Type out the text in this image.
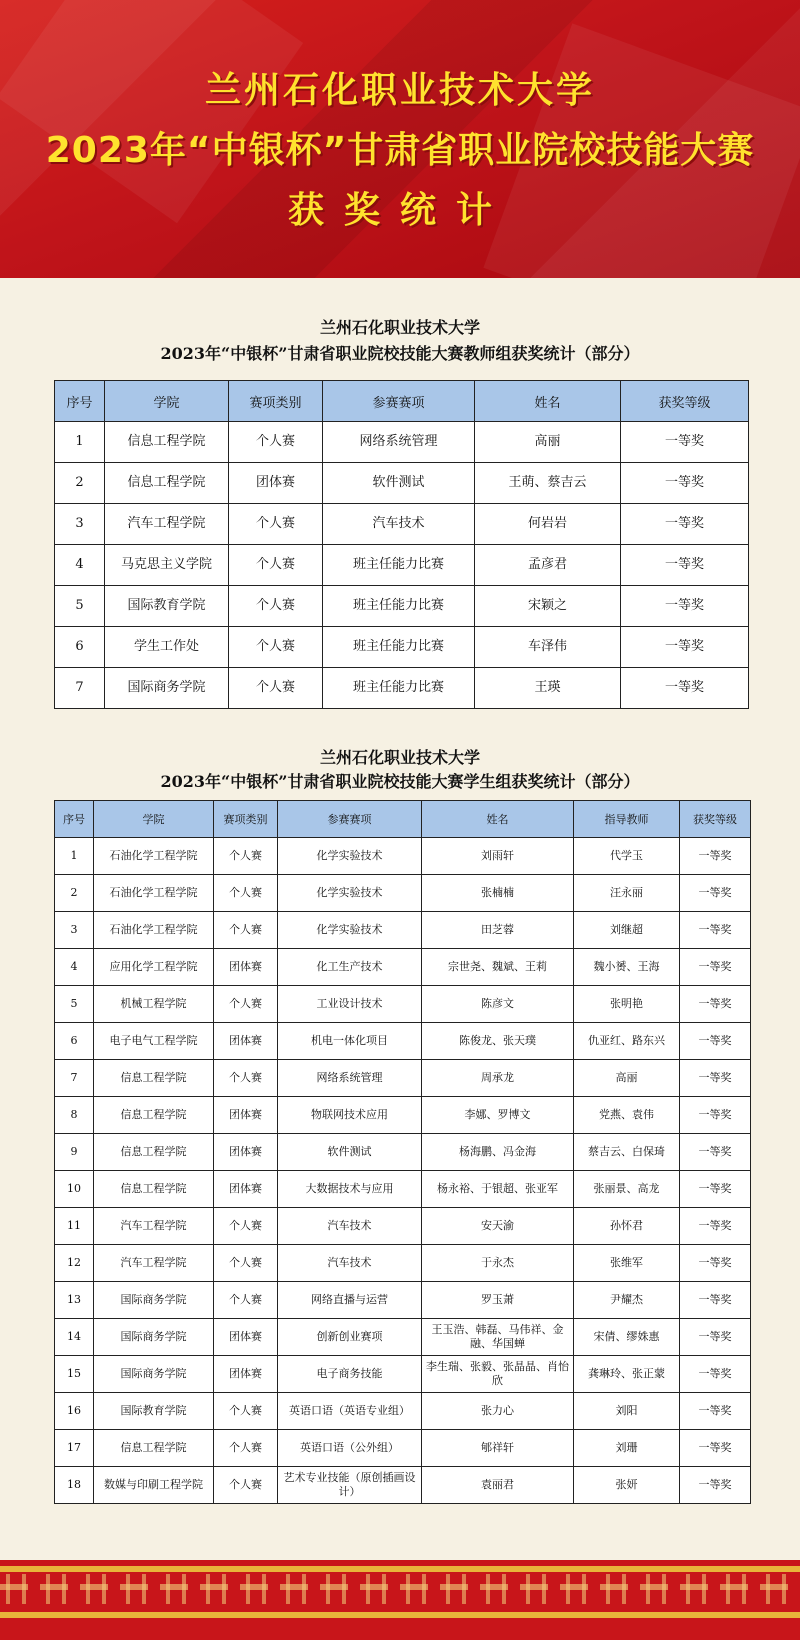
兰州石化职业技术大学
2023年“中银杯”甘肃省职业院校技能大赛
获奖统计
兰州石化职业技术大学
2023年“中银杯”甘肃省职业院校技能大赛教师组获奖统计（部分）
序号	学院	赛项类别	参赛赛项	姓名	获奖等级
1	信息工程学院	个人赛	网络系统管理	高丽	一等奖
2	信息工程学院	团体赛	软件测试	王萌、蔡吉云	一等奖
3	汽车工程学院	个人赛	汽车技术	何岩岩	一等奖
4	马克思主义学院	个人赛	班主任能力比赛	孟彦君	一等奖
5	国际教育学院	个人赛	班主任能力比赛	宋颖之	一等奖
6	学生工作处	个人赛	班主任能力比赛	车泽伟	一等奖
7	国际商务学院	个人赛	班主任能力比赛	王瑛	一等奖
兰州石化职业技术大学
2023年“中银杯”甘肃省职业院校技能大赛学生组获奖统计（部分）
序号	学院	赛项类别	参赛赛项	姓名	指导教师	获奖等级
1	石油化学工程学院	个人赛	化学实验技术	刘雨轩	代学玉	一等奖
2	石油化学工程学院	个人赛	化学实验技术	张楠楠	汪永丽	一等奖
3	石油化学工程学院	个人赛	化学实验技术	田芝蓉	刘继超	一等奖
4	应用化学工程学院	团体赛	化工生产技术	宗世尧、魏斌、王莉	魏小赟、王海	一等奖
5	机械工程学院	个人赛	工业设计技术	陈彦文	张明艳	一等奖
6	电子电气工程学院	团体赛	机电一体化项目	陈俊龙、张天璞	仇亚红、路东兴	一等奖
7	信息工程学院	个人赛	网络系统管理	周承龙	高丽	一等奖
8	信息工程学院	团体赛	物联网技术应用	李娜、罗博文	党燕、袁伟	一等奖
9	信息工程学院	团体赛	软件测试	杨海鹏、冯金海	蔡吉云、白保琦	一等奖
10	信息工程学院	团体赛	大数据技术与应用	杨永裕、于银超、张亚军	张丽景、高龙	一等奖
11	汽车工程学院	个人赛	汽车技术	安天渝	孙怀君	一等奖
12	汽车工程学院	个人赛	汽车技术	于永杰	张维军	一等奖
13	国际商务学院	个人赛	网络直播与运营	罗玉萧	尹耀杰	一等奖
14	国际商务学院	团体赛	创新创业赛项	王玉浩、韩磊、马伟祥、金融、华国蝉	宋倩、缪姝惠	一等奖
15	国际商务学院	团体赛	电子商务技能	李生瑞、张毅、张晶晶、肖怡欣	龚琳玲、张正蒙	一等奖
16	国际教育学院	个人赛	英语口语（英语专业组）	张力心	刘阳	一等奖
17	信息工程学院	个人赛	英语口语（公外组）	郇祥轩	刘珊	一等奖
18	数媒与印刷工程学院	个人赛	艺术专业技能（原创插画设计）	袁丽君	张妍	一等奖
